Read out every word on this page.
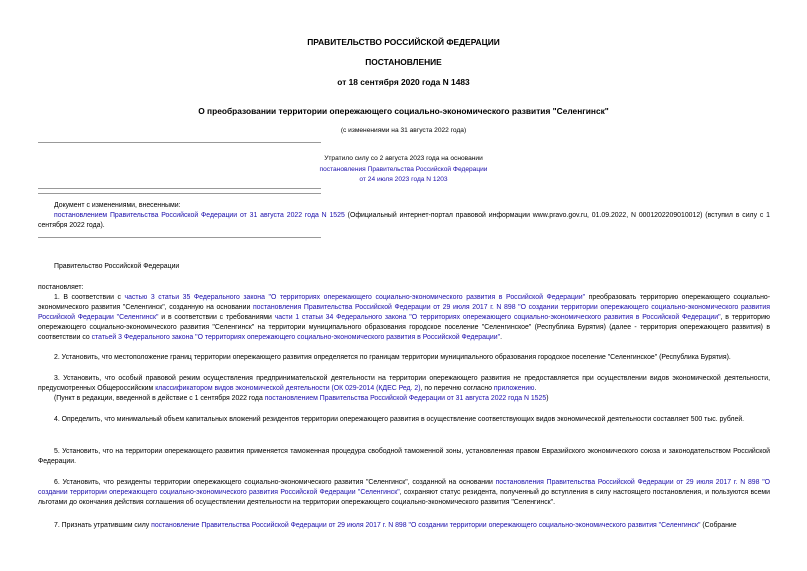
ПРАВИТЕЛЬСТВО РОССИЙСКОЙ ФЕДЕРАЦИИ
ПОСТАНОВЛЕНИЕ
от 18 сентября 2020 года N 1483
О преобразовании территории опережающего социально-экономического развития "Селенгинск"
(с изменениями на 31 августа 2022 года)
Утратило силу со 2 августа 2023 года на основании
постановления Правительства Российской Федерации
от 24 июля 2023 года N 1203
Документ с изменениями, внесенными:
постановлением Правительства Российской Федерации от 31 августа 2022 года N 1525 (Официальный интернет-портал правовой информации www.pravo.gov.ru, 01.09.2022, N 0001202209010012) (вступил в силу с 1 сентября 2022 года).
Правительство Российской Федерации
постановляет:
1. В соответствии с частью 3 статьи 35 Федерального закона "О территориях опережающего социально-экономического развития в Российской Федерации" преобразовать территорию опережающего социально-экономического развития "Селенгинск", созданную на основании постановления Правительства Российской Федерации от 29 июля 2017 г. N 898 "О создании территории опережающего социально-экономического развития Российской Федерации "Селенгинск" и в соответствии с требованиями части 1 статьи 34 Федерального закона "О территориях опережающего социально-экономического развития в Российской Федерации", в территорию опережающего социально-экономического развития "Селенгинск" на территории муниципального образования городское поселение "Селенгинское" (Республика Бурятия) (далее - территория опережающего развития) в соответствии со статьей 3 Федерального закона "О территориях опережающего социально-экономического развития в Российской Федерации".
2. Установить, что местоположение границ территории опережающего развития определяется по границам территории муниципального образования городское поселение "Селенгинское" (Республика Бурятия).
3. Установить, что особый правовой режим осуществления предпринимательской деятельности на территории опережающего развития не предоставляется при осуществлении видов экономической деятельности, предусмотренных Общероссийским классификатором видов экономической деятельности (ОК 029-2014 (КДЕС Ред. 2), по перечню согласно приложению.
(Пункт в редакции, введенной в действие с 1 сентября 2022 года постановлением Правительства Российской Федерации от 31 августа 2022 года N 1525)
4. Определить, что минимальный объем капитальных вложений резидентов территории опережающего развития в осуществление соответствующих видов экономической деятельности составляет 500 тыс. рублей.
5. Установить, что на территории опережающего развития применяется таможенная процедура свободной таможенной зоны, установленная правом Евразийского экономического союза и законодательством Российской Федерации.
6. Установить, что резиденты территории опережающего социально-экономического развития "Селенгинск", созданной на основании постановления Правительства Российской Федерации от 29 июля 2017 г. N 898 "О создании территории опережающего социально-экономического развития Российской Федерации "Селенгинск", сохраняют статус резидента, полученный до вступления в силу настоящего постановления, и пользуются всеми льготами до окончания действия соглашения об осуществлении деятельности на территории опережающего социально-экономического развития "Селенгинск".
7. Признать утратившим силу постановление Правительства Российской Федерации от 29 июля 2017 г. N 898 "О создании территории опережающего социально-экономического развития "Селенгинск" (Собрание
